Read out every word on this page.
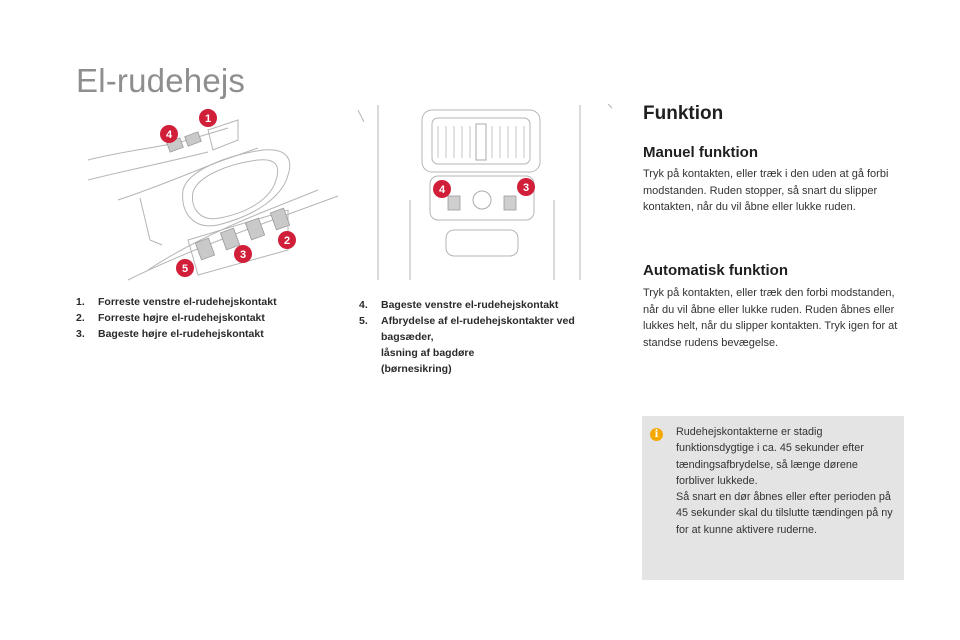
El-rudehejs
1
4
2
3
5
4	3
1.	Forreste venstre el-rudehejskontakt
2.	Forreste højre el-rudehejskontakt
3.	Bageste højre el-rudehejskontakt
4.	Bageste venstre el-rudehejskontakt
5.	Afbrydelse af el-rudehejskontakter ved bagsæder,
låsning af bagdøre
(børnesikring)
Funktion
Manuel funktion

Tryk på kontakten, eller træk i den uden at gå forbi modstanden. Ruden stopper, så snart du slipper kontakten, når du vil åbne eller lukke ruden.

Automatisk funktion

Tryk på kontakten, eller træk den forbi modstanden, når du vil åbne eller lukke ruden. Ruden åbnes eller lukkes helt, når du slipper kontakten. Tryk igen for at standse rudens bevægelse.

i	Rudehejskontakterne er stadig funktionsdygtige i ca. 45 sekunder efter tændingsafbrydelse, så længe dørene forbliver lukkede.
Så snart en dør åbnes eller efter perioden på 45 sekunder skal du tilslutte tændingen på ny for at kunne aktivere ruderne.
